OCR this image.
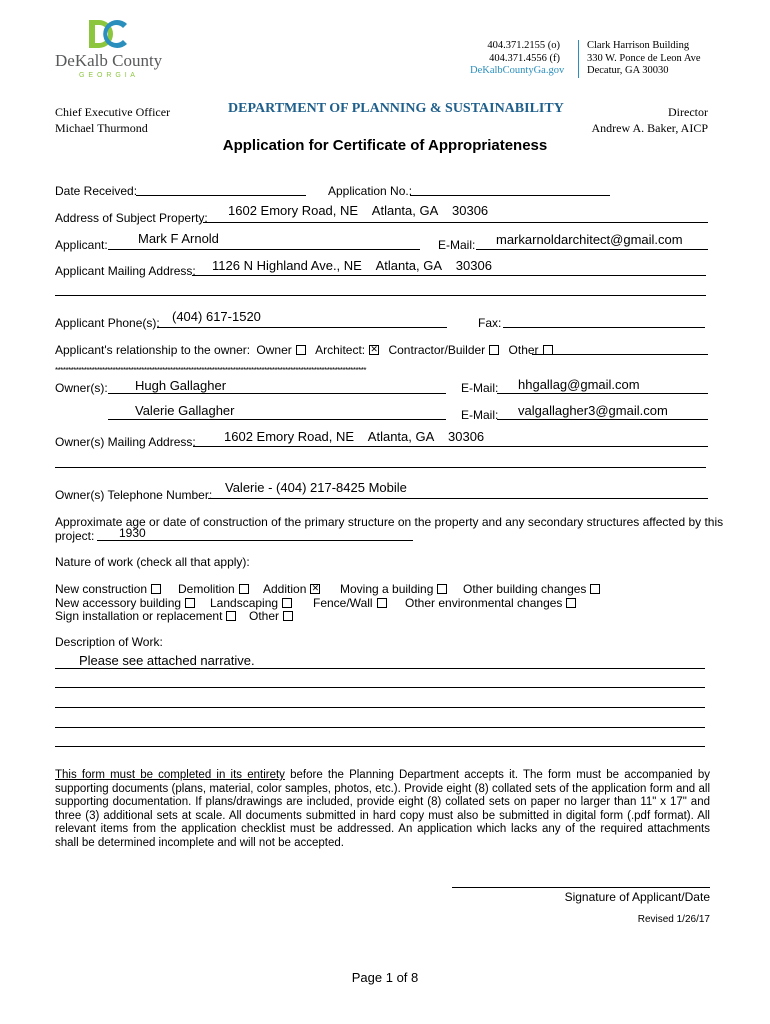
DeKalb County
G E O R G I A
404.371.2155 (o)
404.371.4556 (f)
DeKalbCountyGa.gov
Clark Harrison Building
330 W. Ponce de Leon Ave
Decatur, GA 30030
Chief Executive Officer
Michael Thurmond
DEPARTMENT OF PLANNING & SUSTAINABILITY	Director
Andrew A. Baker, AICP
Application for Certificate of Appropriateness
Date Received:	Application No.:
Address of Subject Property: 1602 Emory Road, NE    Atlanta, GA    30306
Applicant: Mark F Arnold	E-Mail: markarnoldarchitect@gmail.com
Applicant Mailing Address: 1126 N Highland Ave., NE    Atlanta, GA    30306
Applicant Phone(s): (404) 617-1520	Fax:
Applicant's relationship to the owner: Owner Architect: ✕ Contractor/Builder Other
***********************************************************************************************************************
Owner(s): Hugh Gallagher	E-Mail: hhgallag@gmail.com
Valerie Gallagher	E-Mail: valgallagher3@gmail.com
Owner(s) Mailing Address: 1602 Emory Road, NE    Atlanta, GA    30306
Owner(s) Telephone Number: Valerie - (404) 217-8425 Mobile
Approximate age or date of construction of the primary structure on the property and any secondary structures affected by this
project: 1930
Nature of work (check all that apply):
New construction	Demolition	Addition ✕ Moving a building	Other building changes
New accessory building	Landscaping	Fence/Wall	Other environmental changes
Sign installation or replacement	Other
Description of Work:
Please see attached narrative.

This form must be completed in its entirety before the Planning Department accepts it. The form must be accompanied by supporting documents (plans, material, color samples, photos, etc.). Provide eight (8) collated sets of the application form and all supporting documentation. If plans/drawings are included, provide eight (8) collated sets on paper no larger than 11" x 17" and three (3) additional sets at scale. All documents submitted in hard copy must also be submitted in digital form (.pdf format). All relevant items from the application checklist must be addressed. An application which lacks any of the required attachments shall be determined incomplete and will not be accepted.

Signature of Applicant/Date
Revised 1/26/17
Page 1 of 8
